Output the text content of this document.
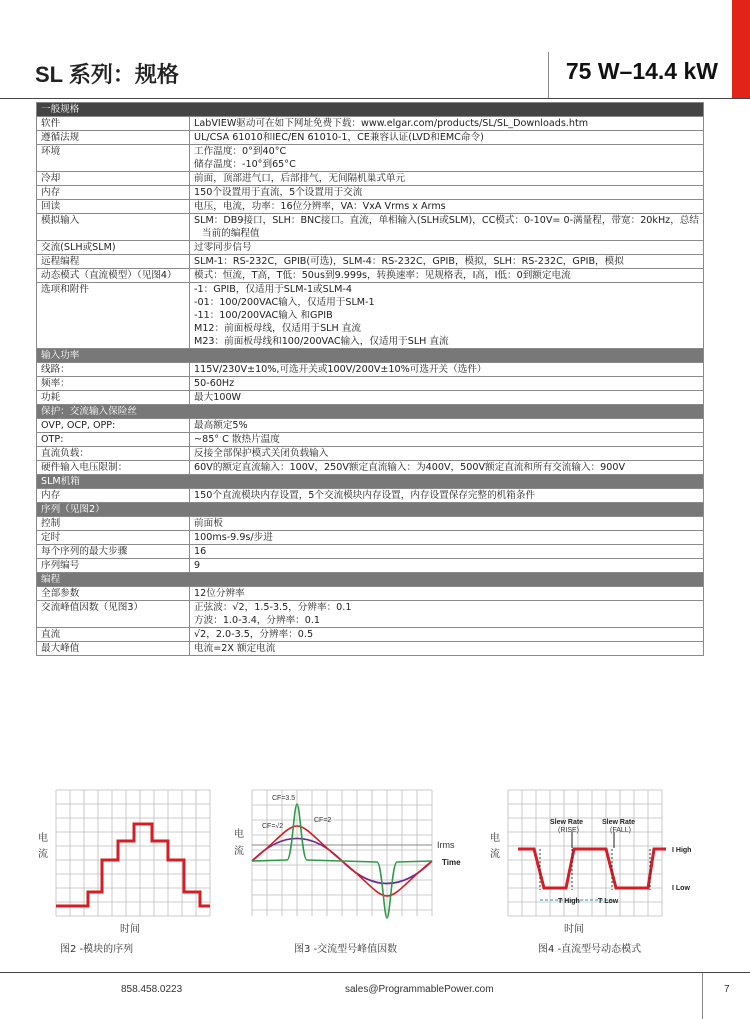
SL 系列：规格	75 W–14.4 kW
一般规格	
软件	LabVIEW驱动可在如下网址免费下载：www.elgar.com/products/SL/SL_Downloads.htm

遵循法规	UL/CSA 61010和IEC/EN 61010-1，CE兼容认证(LVD和EMC命令)

环境	工作温度：0°到40°C
储存温度：-10°到65°C

冷却	前面，顶部进气口，后部排气，无间隔机巢式单元

内存	150个设置用于直流，5个设置用于交流

回读	电压，电流，功率：16位分辨率，VA：VxA Vrms x Arms

模拟输入	SLM：DB9接口，SLH：BNC接口。直流，单相输入(SLH或SLM)，CC模式：0-10V= 0-满量程，带宽：20kHz，总结
当前的编程值

交流(SLH或SLM)	过零同步信号

远程编程	SLM-1：RS-232C，GPIB(可选)，SLM-4：RS-232C，GPIB，模拟，SLH：RS-232C，GPIB，模拟

动态模式（直流模型）（见图4）	模式：恒流，T高，T低：50us到9.999s，转换速率：见规格表，I高，I低：0到额定电流

选项和附件	-1：GPIB，仅适用于SLM-1或SLM-4
-01：100/200VAC输入，仅适用于SLM-1
-11：100/200VAC输入 和GPIB
M12：前面板母线，仅适用于SLH 直流
M23：前面板母线和100/200VAC输入，仅适用于SLH 直流

输入功率	
线路：	115V/230V±10%,可选开关或100V/200V±10%可选开关（选件）

频率：	50-60Hz

功耗	最大100W

保护：交流输入保险丝	
OVP, OCP, OPP:	最高额定5%

OTP:	~85° C 散热片温度

直流负载：	反接全部保护模式关闭负载输入

硬件输入电压限制：	60V的额定直流输入：100V，250V额定直流输入：为400V，500V额定直流和所有交流输入：900V

SLM机箱	
内存	150个直流模块内存设置，5个交流模块内存设置，内存设置保存完整的机箱条件

序列（见图2）	
控制	前面板

定时	100ms-9.9s/步进

每个序列的最大步骤	16

序列编号	9

编程	
全部参数	12位分辨率

交流峰值因数（见图3）	正弦波：√2，1.5-3.5，分辨率：0.1
方波：1.0-3.4，分辨率：0.1

直流	√2，2.0-3.5，分辨率：0.5

最大峰值	电流=2X 额定电流
电
流
时间
图2 -模块的序列
电
流
CF=3.5
CF=√2
CF=2
Irms
Time
图3 -交流型号峰值因数
电
流
Slew Rate
(RISE)
Slew Rate
(FALL)
I High
I Low
T High	T Low
时间
图4 -直流型号动态模式
858.458.0223	sales@ProgrammablePower.com	7
